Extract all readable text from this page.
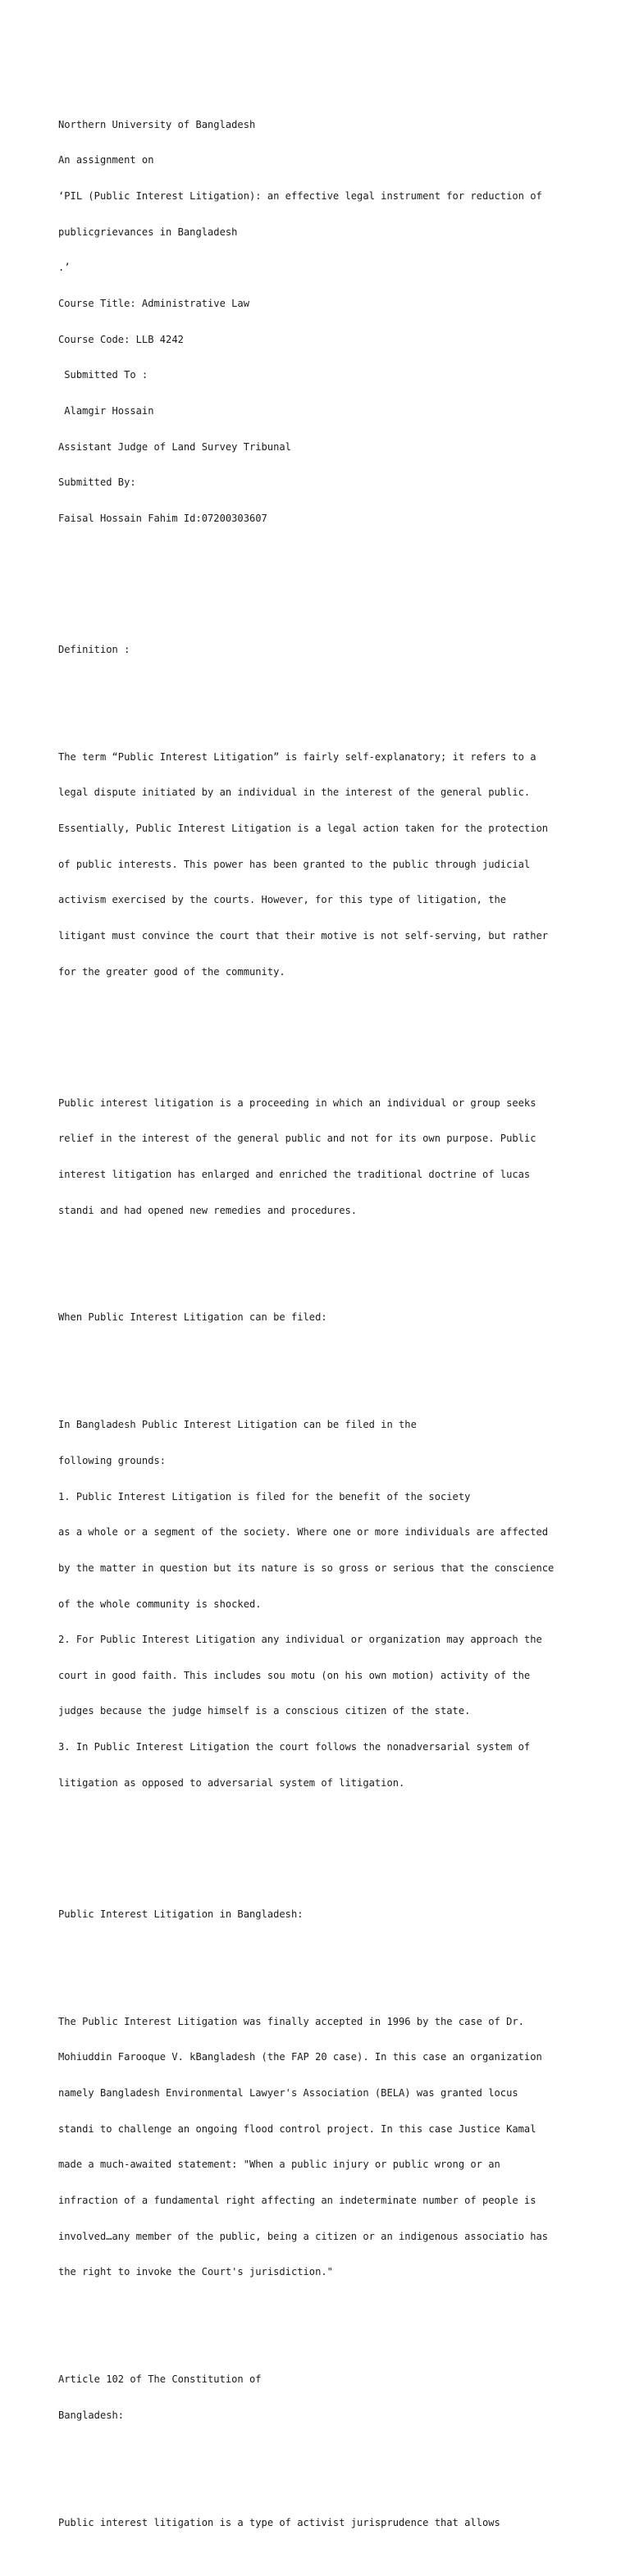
Northern University of Bangladesh

An assignment on

‘PIL (Public Interest Litigation): an effective legal instrument for reduction of

publicgrievances in Bangladesh

.’

Course Title: Administrative Law

Course Code: LLB 4242

Submitted To :

Alamgir Hossain

Assistant Judge of Land Survey Tribunal

Submitted By:

Faisal Hossain Fahim Id:07200303607

Definition :

The term “Public Interest Litigation” is fairly self-explanatory; it refers to a

legal dispute initiated by an individual in the interest of the general public.

Essentially, Public Interest Litigation is a legal action taken for the protection

of public interests. This power has been granted to the public through judicial

activism exercised by the courts. However, for this type of litigation, the

litigant must convince the court that their motive is not self-serving, but rather

for the greater good of the community.

Public interest litigation is a proceeding in which an individual or group seeks

relief in the interest of the general public and not for its own purpose. Public

interest litigation has enlarged and enriched the traditional doctrine of lucas

standi and had opened new remedies and procedures.

When Public Interest Litigation can be filed:

In Bangladesh Public Interest Litigation can be filed in the

following grounds:

1. Public Interest Litigation is filed for the benefit of the society

as a whole or a segment of the society. Where one or more individuals are affected

by the matter in question but its nature is so gross or serious that the conscience

of the whole community is shocked.

2. For Public Interest Litigation any individual or organization may approach the

court in good faith. This includes sou motu (on his own motion) activity of the

judges because the judge himself is a conscious citizen of the state.

3. In Public Interest Litigation the court follows the nonadversarial system of

litigation as opposed to adversarial system of litigation.

Public Interest Litigation in Bangladesh:

The Public Interest Litigation was finally accepted in 1996 by the case of Dr.

Mohiuddin Farooque V. kBangladesh (the FAP 20 case). In this case an organization

namely Bangladesh Environmental Lawyer's Association (BELA) was granted locus

standi to challenge an ongoing flood control project. In this case Justice Kamal

made a much-awaited statement: "When a public injury or public wrong or an

infraction of a fundamental right affecting an indeterminate number of people is

involved…any member of the public, being a citizen or an indigenous associatio has

the right to invoke the Court's jurisdiction."

Article 102 of The Constitution of

Bangladesh:

Public interest litigation is a type of activist jurisprudence that allows
